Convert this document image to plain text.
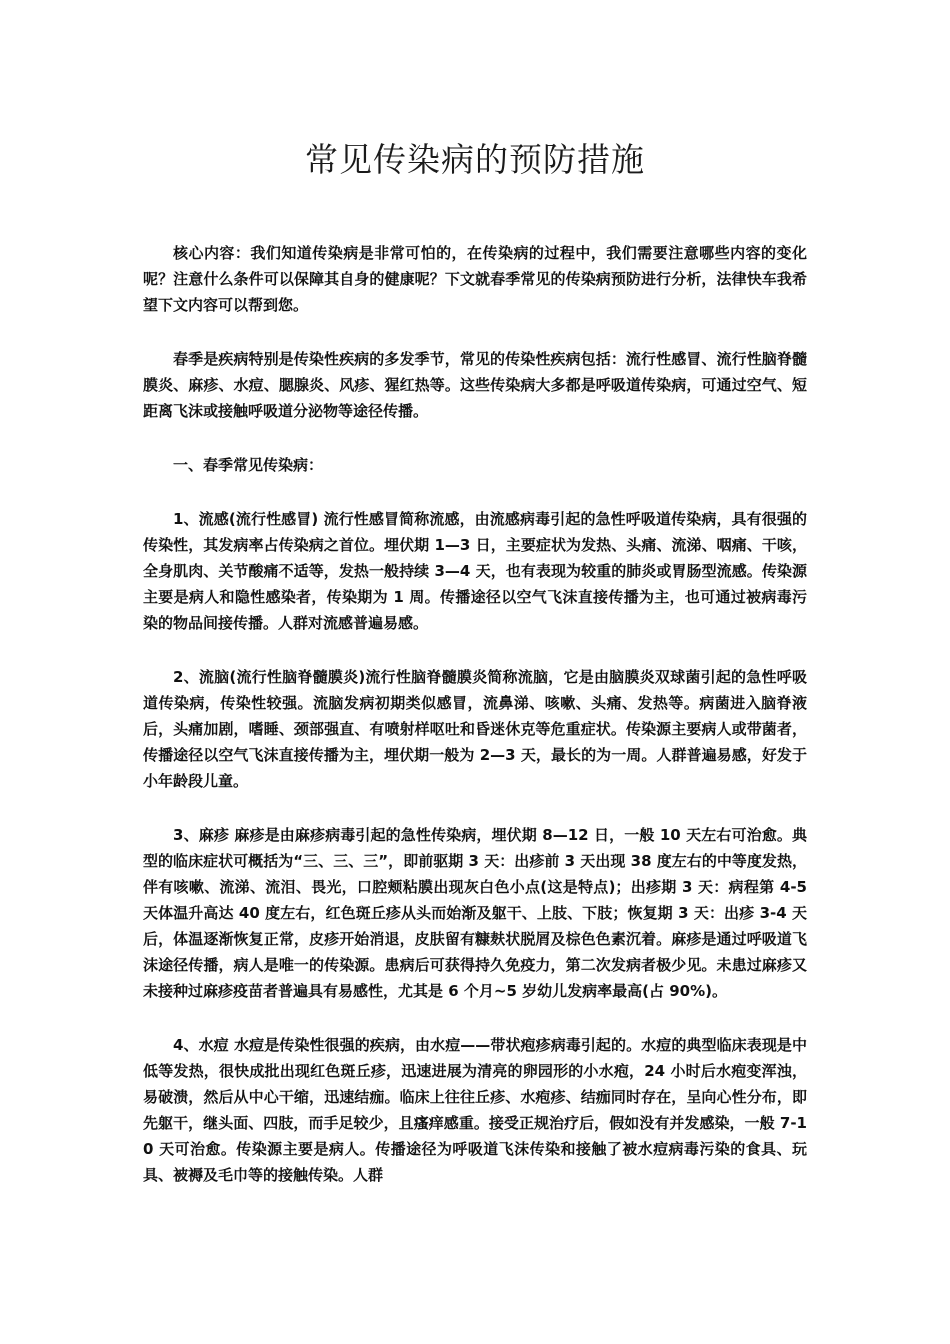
常见传染病的预防措施

核心内容：我们知道传染病是非常可怕的，在传染病的过程中，我们需要注意哪些内容的变化呢？注意什么条件可以保障其自身的健康呢？下文就春季常见的传染病预防进行分析，法律快车我希望下文内容可以帮到您。

春季是疾病特别是传染性疾病的多发季节，常见的传染性疾病包括：流行性感冒、流行性脑脊髓膜炎、麻疹、水痘、腮腺炎、风疹、猩红热等。这些传染病大多都是呼吸道传染病，可通过空气、短距离飞沫或接触呼吸道分泌物等途径传播。

一、春季常见传染病：

1、流感(流行性感冒) 流行性感冒简称流感，由流感病毒引起的急性呼吸道传染病，具有很强的传染性，其发病率占传染病之首位。埋伏期 1—3 日，主要症状为发热、头痛、流涕、咽痛、干咳，全身肌肉、关节酸痛不适等，发热一般持续 3—4 天，也有表现为较重的肺炎或胃肠型流感。传染源主要是病人和隐性感染者，传染期为 1 周。传播途径以空气飞沫直接传播为主，也可通过被病毒污染的物品间接传播。人群对流感普遍易感。

2、流脑(流行性脑脊髓膜炎)流行性脑脊髓膜炎简称流脑，它是由脑膜炎双球菌引起的急性呼吸道传染病，传染性较强。流脑发病初期类似感冒，流鼻涕、咳嗽、头痛、发热等。病菌进入脑脊液后，头痛加剧，嗜睡、颈部强直、有喷射样呕吐和昏迷休克等危重症状。传染源主要病人或带菌者，传播途径以空气飞沫直接传播为主，埋伏期一般为 2—3 天，最长的为一周。人群普遍易感，好发于小年龄段儿童。

3、麻疹 麻疹是由麻疹病毒引起的急性传染病，埋伏期 8—12 日，一般 10 天左右可治愈。典型的临床症状可概括为“三、三、三”，即前驱期 3 天：出疹前 3 天出现 38 度左右的中等度发热，伴有咳嗽、流涕、流泪、畏光，口腔颊粘膜出现灰白色小点(这是特点)；出疹期 3 天：病程第 4-5 天体温升高达 40 度左右，红色斑丘疹从头而始渐及躯干、上肢、下肢；恢复期 3 天：出疹 3-4 天后，体温逐渐恢复正常，皮疹开始消退，皮肤留有糠麸状脱屑及棕色色素沉着。麻疹是通过呼吸道飞沫途径传播，病人是唯一的传染源。患病后可获得持久免疫力，第二次发病者极少见。未患过麻疹又未接种过麻疹疫苗者普遍具有易感性，尤其是 6 个月~5 岁幼儿发病率最高(占 90%)。

4、水痘 水痘是传染性很强的疾病，由水痘——带状疱疹病毒引起的。水痘的典型临床表现是中低等发热，很快成批出现红色斑丘疹，迅速进展为清亮的卵园形的小水疱，24 小时后水疱变浑浊，易破溃，然后从中心干缩，迅速结痂。临床上往往丘疹、水疱疹、结痂同时存在，呈向心性分布，即先躯干，继头面、四肢，而手足较少，且瘙痒感重。接受正规治疗后，假如没有并发感染，一般 7-10 天可治愈。传染源主要是病人。传播途径为呼吸道飞沫传染和接触了被水痘病毒污染的食具、玩具、被褥及毛巾等的接触传染。人群
